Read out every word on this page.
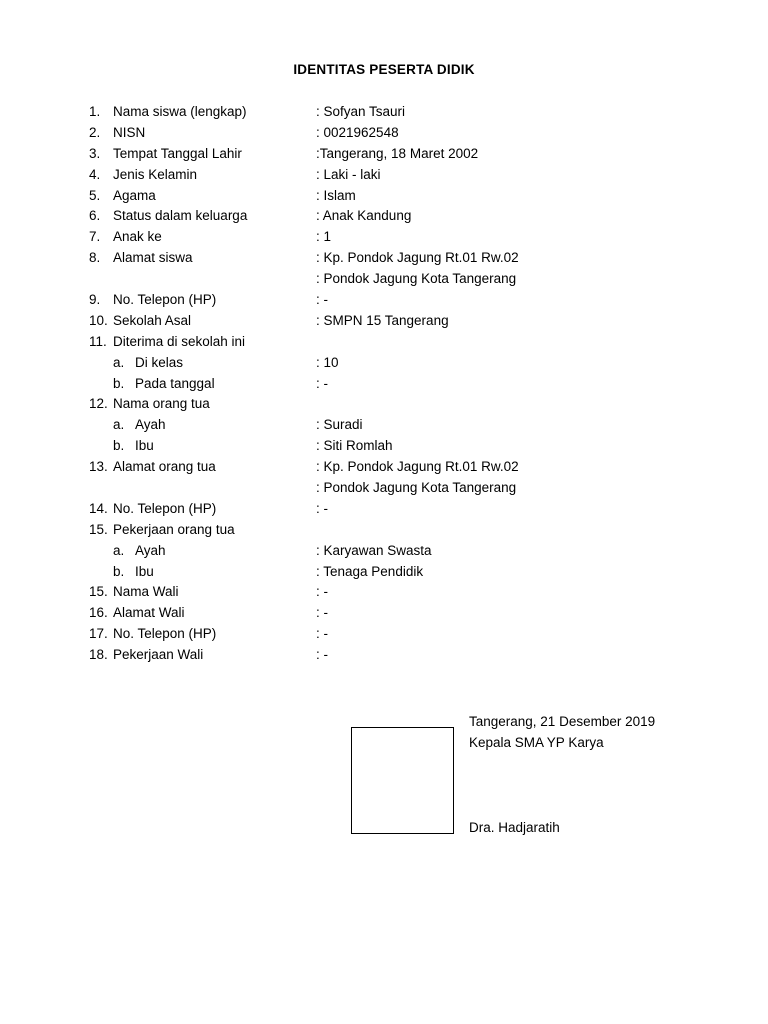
IDENTITAS PESERTA DIDIK
1. Nama siswa (lengkap)	: Sofyan Tsauri
2. NISN	: 0021962548
3. Tempat Tanggal Lahir	:Tangerang, 18 Maret 2002
4. Jenis Kelamin	: Laki - laki
5. Agama	: Islam
6. Status dalam keluarga	: Anak Kandung
7. Anak ke	: 1
8. Alamat siswa	: Kp. Pondok Jagung Rt.01 Rw.02
: Pondok Jagung Kota Tangerang
9. No. Telepon (HP)	: -
10. Sekolah Asal	: SMPN 15 Tangerang
11. Diterima di sekolah ini
a. Di kelas	: 10
b. Pada tanggal	: -
12. Nama orang tua
a. Ayah	: Suradi
b. Ibu	: Siti Romlah
13. Alamat orang tua	: Kp. Pondok Jagung Rt.01 Rw.02
: Pondok Jagung Kota Tangerang
14. No. Telepon (HP)	: -
15. Pekerjaan orang tua
a. Ayah	: Karyawan Swasta
b. Ibu	: Tenaga Pendidik
15. Nama Wali	: -
16. Alamat Wali	: -
17. No. Telepon (HP)	: -
18. Pekerjaan Wali	: -
Tangerang, 21 Desember 2019
Kepala SMA YP Karya
Dra. Hadjaratih
